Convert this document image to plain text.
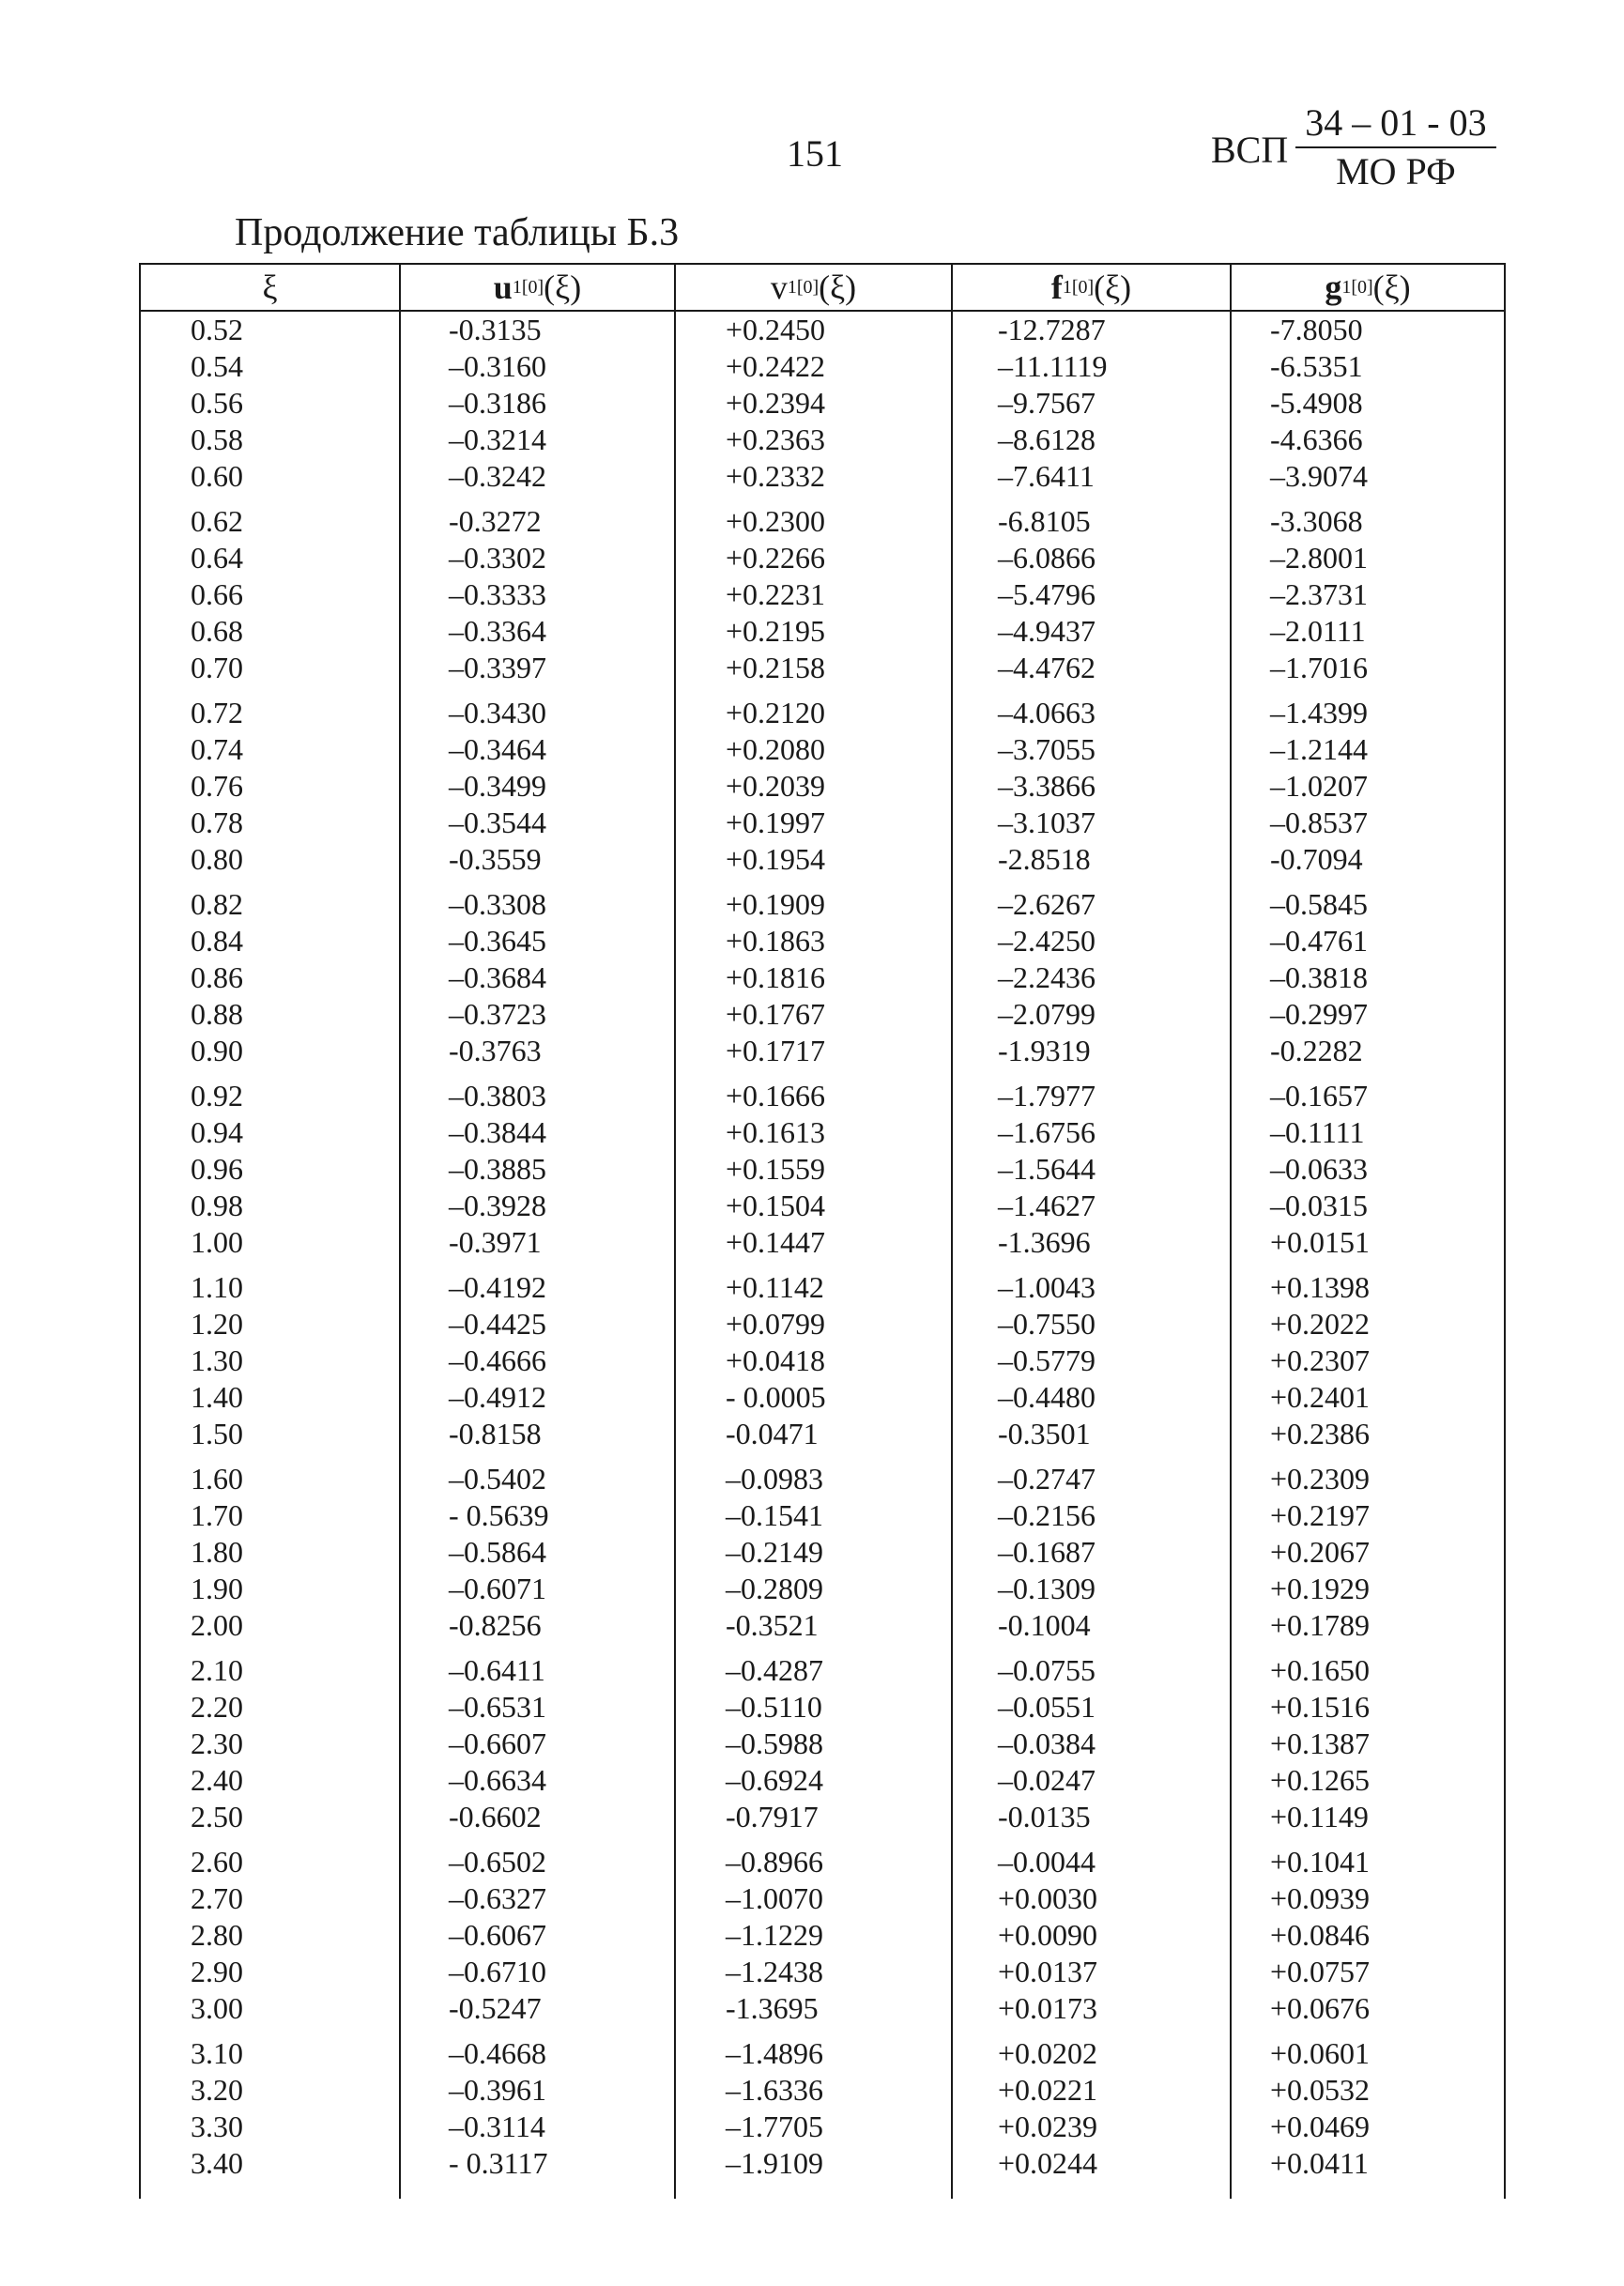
151	ВСП $\frac{34 - 01 - 03}{\text{МО РФ}}$
Продолжение таблицы Б.3
ξ	u 1 [0] (ξ)	v 1 [0] (ξ)	f 1 [0] (ξ)	g 1 [0] (ξ)
0.52	-0.3135	+0.2450	-12.7287	-7.8050
0.54	–0.3160	+0.2422	–11.1119	-6.5351
0.56	–0.3186	+0.2394	–9.7567	-5.4908
0.58	–0.3214	+0.2363	–8.6128	-4.6366
0.60	–0.3242	+0.2332	–7.6411	–3.9074
0.62	-0.3272	+0.2300	-6.8105	-3.3068
0.64	–0.3302	+0.2266	–6.0866	–2.8001
0.66	–0.3333	+0.2231	–5.4796	–2.3731
0.68	–0.3364	+0.2195	–4.9437	–2.0111
0.70	–0.3397	+0.2158	–4.4762	–1.7016
0.72	–0.3430	+0.2120	–4.0663	–1.4399
0.74	–0.3464	+0.2080	–3.7055	–1.2144
0.76	–0.3499	+0.2039	–3.3866	–1.0207
0.78	–0.3544	+0.1997	–3.1037	–0.8537
0.80	-0.3559	+0.1954	-2.8518	-0.7094
0.82	–0.3308	+0.1909	–2.6267	–0.5845
0.84	–0.3645	+0.1863	–2.4250	–0.4761
0.86	–0.3684	+0.1816	–2.2436	–0.3818
0.88	–0.3723	+0.1767	–2.0799	–0.2997
0.90	-0.3763	+0.1717	-1.9319	-0.2282
0.92	–0.3803	+0.1666	–1.7977	–0.1657
0.94	–0.3844	+0.1613	–1.6756	–0.1111
0.96	–0.3885	+0.1559	–1.5644	–0.0633
0.98	–0.3928	+0.1504	–1.4627	–0.0315
1.00	-0.3971	+0.1447	-1.3696	+0.0151
1.10	–0.4192	+0.1142	–1.0043	+0.1398
1.20	–0.4425	+0.0799	–0.7550	+0.2022
1.30	–0.4666	+0.0418	–0.5779	+0.2307
1.40	–0.4912	- 0.0005	–0.4480	+0.2401
1.50	-0.8158	-0.0471	-0.3501	+0.2386
1.60	–0.5402	–0.0983	–0.2747	+0.2309
1.70	- 0.5639	–0.1541	–0.2156	+0.2197
1.80	–0.5864	–0.2149	–0.1687	+0.2067
1.90	–0.6071	–0.2809	–0.1309	+0.1929
2.00	-0.8256	-0.3521	-0.1004	+0.1789
2.10	–0.6411	–0.4287	–0.0755	+0.1650
2.20	–0.6531	–0.5110	–0.0551	+0.1516
2.30	–0.6607	–0.5988	–0.0384	+0.1387
2.40	–0.6634	–0.6924	–0.0247	+0.1265
2.50	-0.6602	-0.7917	-0.0135	+0.1149
2.60	–0.6502	–0.8966	–0.0044	+0.1041
2.70	–0.6327	–1.0070	+0.0030	+0.0939
2.80	–0.6067	–1.1229	+0.0090	+0.0846
2.90	–0.6710	–1.2438	+0.0137	+0.0757
3.00	-0.5247	-1.3695	+0.0173	+0.0676
3.10	–0.4668	–1.4896	+0.0202	+0.0601
3.20	–0.3961	–1.6336	+0.0221	+0.0532
3.30	–0.3114	–1.7705	+0.0239	+0.0469
3.40	- 0.3117	–1.9109	+0.0244	+0.0411
